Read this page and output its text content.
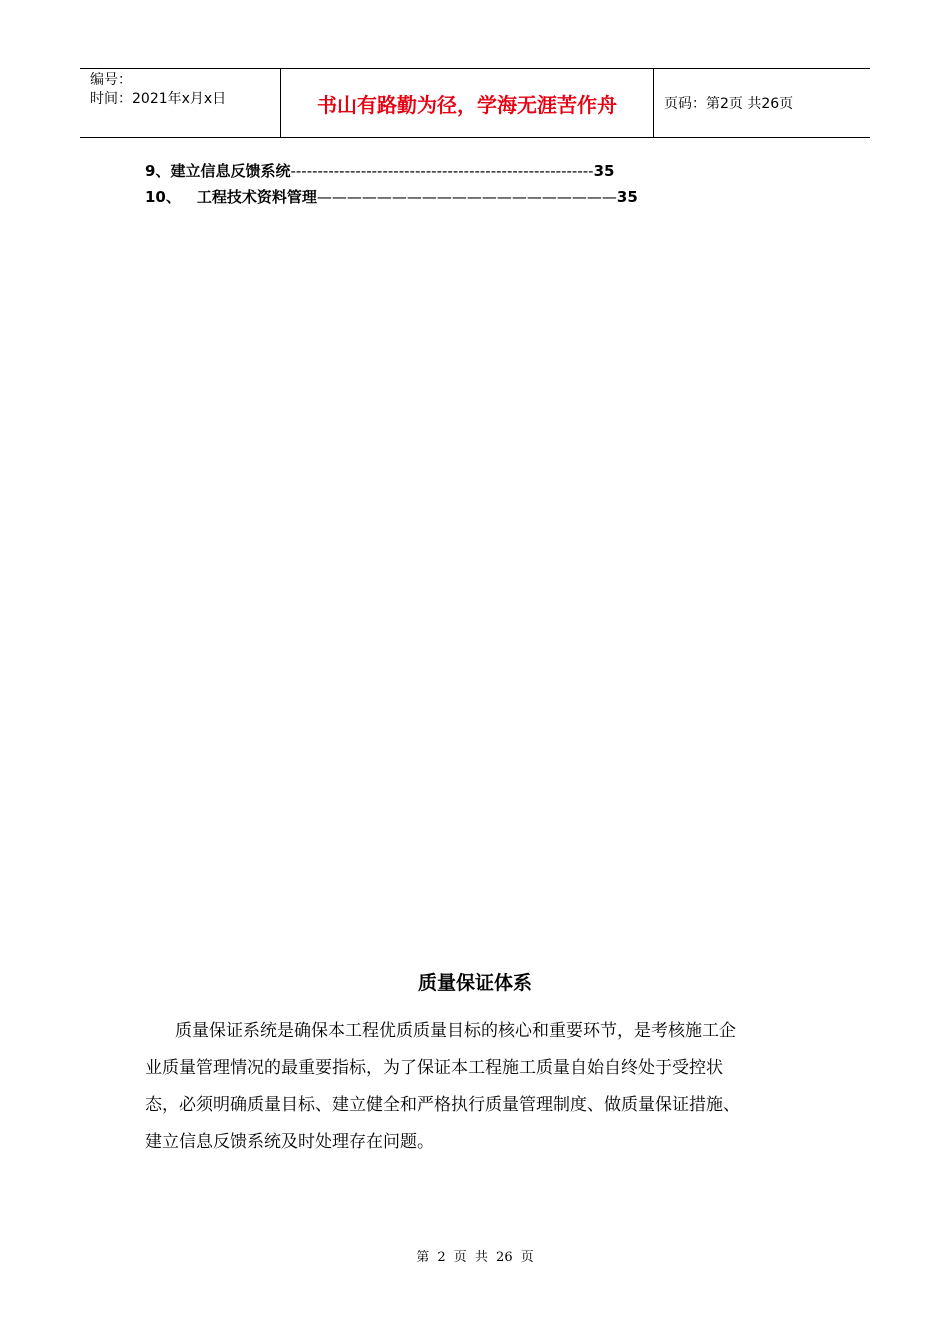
编号：
时间：2021年x月x日	书山有路勤为径，学海无涯苦作舟	页码：第2页 共26页
9、建立信息反馈系统--------------------------------------------------------35
10、 工程技术资料管理————————————————————35
质量保证体系
质量保证系统是确保本工程优质质量目标的核心和重要环节，是考核施工企
业质量管理情况的最重要指标，为了保证本工程施工质量自始自终处于受控状
态，必须明确质量目标、建立健全和严格执行质量管理制度、做质量保证措施、
建立信息反馈系统及时处理存在问题。
第 2 页 共 26 页
